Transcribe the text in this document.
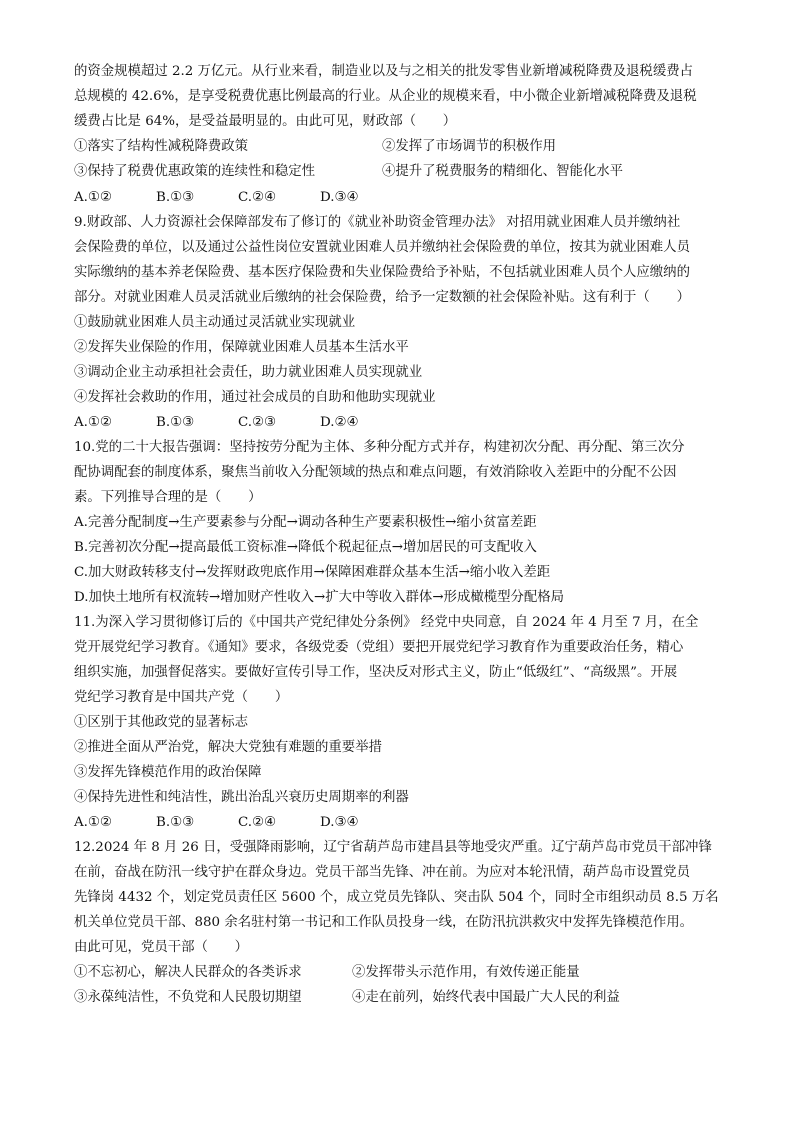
的资金规模超过 2.2 万亿元。从行业来看，制造业以及与之相关的批发零售业新增减税降费及退税缓费占
总规模的 42.6%，是享受税费优惠比例最高的行业。从企业的规模来看，中小微企业新增减税降费及退税
缓费占比是 64%，是受益最明显的。由此可见，财政部（　　）
①落实了结构性减税降费政策	②发挥了市场调节的积极作用
③保持了税费优惠政策的连续性和稳定性	④提升了税费服务的精细化、智能化水平
A.①②	B.①③	C.②④	D.③④
9.财政部、人力资源社会保障部发布了修订的《就业补助资金管理办法》 对招用就业困难人员并缴纳社
会保险费的单位，以及通过公益性岗位安置就业困难人员并缴纳社会保险费的单位，按其为就业困难人员
实际缴纳的基本养老保险费、基本医疗保险费和失业保险费给予补贴，不包括就业困难人员个人应缴纳的
部分。对就业困难人员灵活就业后缴纳的社会保险费，给予一定数额的社会保险补贴。这有利于（　　）
①鼓励就业困难人员主动通过灵活就业实现就业
②发挥失业保险的作用，保障就业困难人员基本生活水平
③调动企业主动承担社会责任，助力就业困难人员实现就业
④发挥社会救助的作用，通过社会成员的自助和他助实现就业
A.①②	B.①③	C.②③	D.②④
10.党的二十大报告强调：坚持按劳分配为主体、多种分配方式并存，构建初次分配、再分配、第三次分
配协调配套的制度体系，聚焦当前收入分配领域的热点和难点问题，有效消除收入差距中的分配不公因
素。下列推导合理的是（　　）
A.完善分配制度→生产要素参与分配→调动各种生产要素积极性→缩小贫富差距
B.完善初次分配→提高最低工资标准→降低个税起征点→增加居民的可支配收入
C.加大财政转移支付→发挥财政兜底作用→保障困难群众基本生活→缩小收入差距
D.加快土地所有权流转→增加财产性收入→扩大中等收入群体→形成橄榄型分配格局
11.为深入学习贯彻修订后的《中国共产党纪律处分条例》 经党中央同意，自 2024 年 4 月至 7 月，在全
党开展党纪学习教育。《通知》要求，各级党委（党组）要把开展党纪学习教育作为重要政治任务，精心
组织实施，加强督促落实。要做好宣传引导工作，坚决反对形式主义，防止“低级红”、“高级黑”。开展
党纪学习教育是中国共产党（　　）
①区别于其他政党的显著标志
②推进全面从严治党，解决大党独有难题的重要举措
③发挥先锋模范作用的政治保障
④保持先进性和纯洁性，跳出治乱兴衰历史周期率的利器
A.①②	B.①③	C.②④	D.③④
12.2024 年 8 月 26 日，受强降雨影响，辽宁省葫芦岛市建昌县等地受灾严重。辽宁葫芦岛市党员干部冲锋
在前，奋战在防汛一线守护在群众身边。党员干部当先锋、冲在前。为应对本轮汛情，葫芦岛市设置党员
先锋岗 4432 个，划定党员责任区 5600 个，成立党员先锋队、突击队 504 个，同时全市组织动员 8.5 万名
机关单位党员干部、880 余名驻村第一书记和工作队员投身一线，在防汛抗洪救灾中发挥先锋模范作用。
由此可见，党员干部（　　）
①不忘初心，解决人民群众的各类诉求	②发挥带头示范作用，有效传递正能量
③永葆纯洁性，不负党和人民殷切期望	④走在前列，始终代表中国最广大人民的利益
